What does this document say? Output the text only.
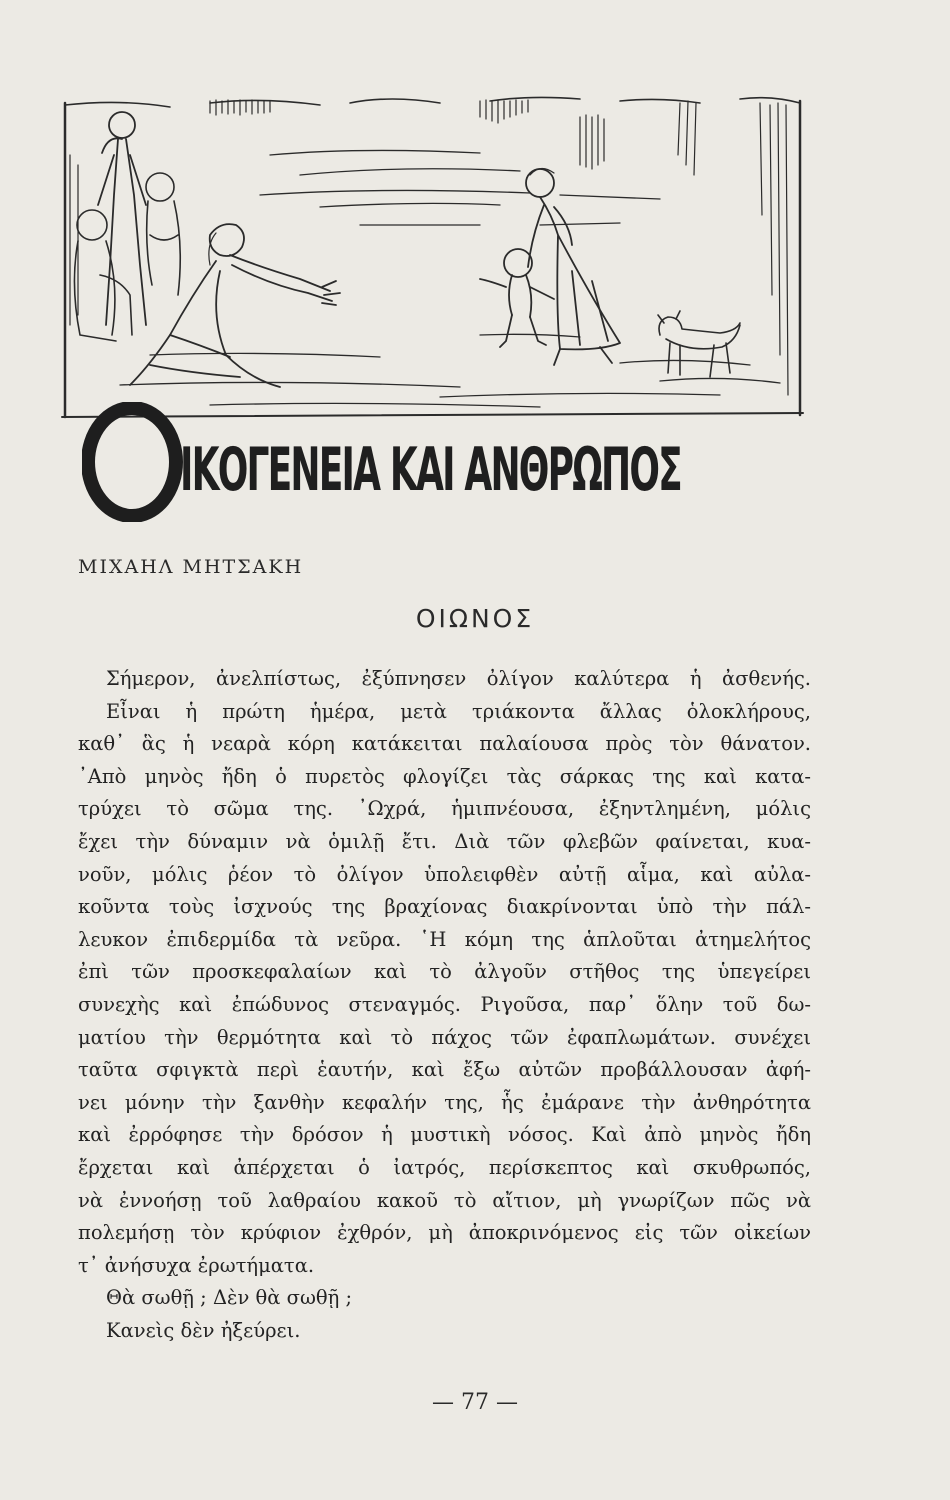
ΙΚΟΓΕΝΕΙΑ ΚΑΙ ΑΝΘΡΩΠΟΣ
ΜΙΧΑΗΛ ΜΗΤΣΑΚΗ
ΟΙΩΝΟΣ
Σήμερον, ἀνελπίστως, ἐξύπνησεν ὀλίγον καλύτερα ἡ ἀσθενής.
Εἶναι ἡ πρώτη ἡμέρα, μετὰ τριάκοντα ἄλλας ὁλοκλήρους,
καθ᾽ ἃς ἡ νεαρὰ κόρη κατάκειται παλαίουσα πρὸς τὸν θάνατον.
᾽Απὸ μηνὸς ἤδη ὁ πυρετὸς φλογίζει τὰς σάρκας της καὶ κατα-
τρύχει τὸ σῶμα της. ᾽Ωχρά, ἡμιπνέουσα, ἐξηντλημένη, μόλις
ἔχει τὴν δύναμιν νὰ ὁμιλῇ ἔτι. Διὰ τῶν φλεβῶν φαίνεται, κυα-
νοῦν, μόλις ῥέον τὸ ὀλίγον ὑπολειφθὲν αὐτῇ αἷμα, καὶ αὐλα-
κοῦντα τοὺς ἰσχνούς της βραχίονας διακρίνονται ὑπὸ τὴν πάλ-
λευκον ἐπιδερμίδα τὰ νεῦρα. ῾Η κόμη της ἁπλοῦται ἀτημελήτος
ἐπὶ τῶν προσκεφαλαίων καὶ τὸ ἀλγοῦν στῆθος της ὑπεγείρει
συνεχὴς καὶ ἐπώδυνος στεναγμός. Ριγοῦσα, παρ᾽ ὅλην τοῦ δω-
ματίου τὴν θερμότητα καὶ τὸ πάχος τῶν ἐφαπλωμάτων. συνέχει
ταῦτα σφιγκτὰ περὶ ἑαυτήν, καὶ ἔξω αὐτῶν προβάλλουσαν ἀφή-
νει μόνην τὴν ξανθὴν κεφαλήν της, ἧς ἐμάρανε τὴν ἀνθηρότητα
καὶ ἐρρόφησε τὴν δρόσον ἡ μυστικὴ νόσος. Καὶ ἀπὸ μηνὸς ἤδη
ἔρχεται καὶ ἀπέρχεται ὁ ἰατρός, περίσκεπτος καὶ σκυθρωπός,
νὰ ἐννοήσῃ τοῦ λαθραίου κακοῦ τὸ αἴτιον, μὴ γνωρίζων πῶς νὰ
πολεμήσῃ τὸν κρύφιον ἐχθρόν, μὴ ἀποκρινόμενος εἰς τῶν οἰκείων
τ᾽ ἀνήσυχα ἐρωτήματα.
Θὰ σωθῇ ; Δὲν θὰ σωθῇ ;
Κανεὶς δὲν ἠξεύρει.
— 77 —
